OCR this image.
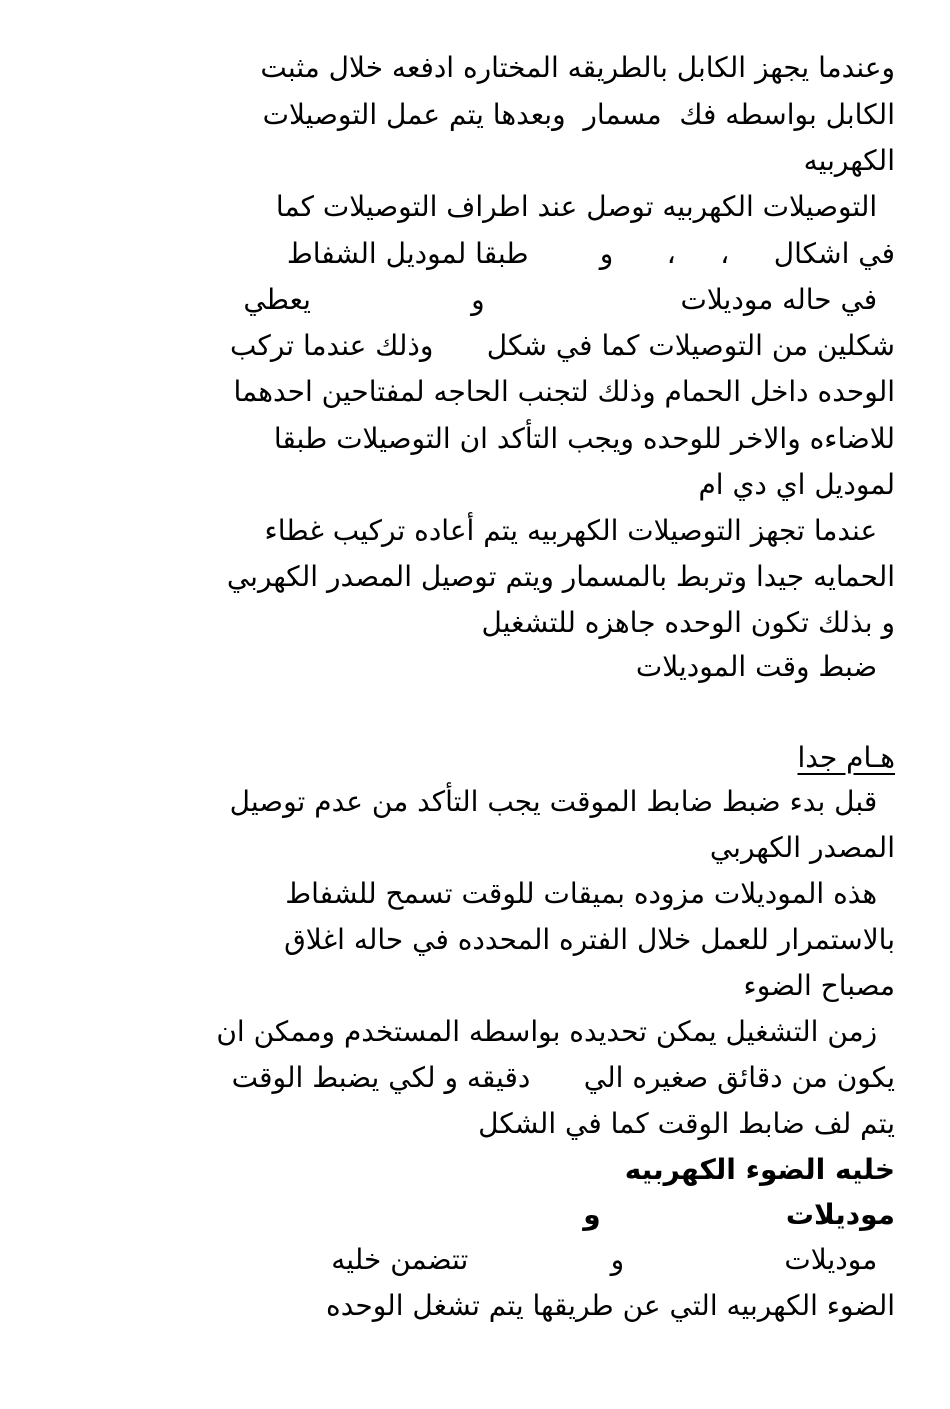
وعندما يجهز الكابل بالطريقه المختاره ادفعه خلال مثبت
الكابل بواسطه فك  مسمار  وبعدها يتم عمل التوصيلات
الكهربيه
التوصيلات الكهربيه توصل عند اطراف التوصيلات كما
في اشكال     ،     ،      و        طبقا لموديل الشفاط
في حاله موديلات                      و                  يعطي
شكلين من التوصيلات كما في شكل      وذلك عندما تركب
الوحده داخل الحمام وذلك لتجنب الحاجه لمفتاحين احدهما
للاضاءه والاخر للوحده ويجب التأكد ان التوصيلات طبقا
لموديل اي دي ام
عندما تجهز التوصيلات الكهربيه يتم أعاده تركيب غطاء
الحمايه جيدا وتربط بالمسمار ويتم توصيل المصدر الكهربي
و بذلك تكون الوحده جاهزه للتشغيل
ضبط وقت الموديلات
هـام جدا
قبل بدء ضبط ضابط الموقت يجب التأكد من عدم توصيل
المصدر الكهربي
هذه الموديلات مزوده بميقات للوقت تسمح للشفاط
بالاستمرار للعمل خلال الفتره المحدده في حاله اغلاق
مصباح الضوء
زمن التشغيل يمكن تحديده بواسطه المستخدم وممكن ان
يكون من دقائق صغيره الي      دقيقه و لكي يضبط الوقت
يتم لف ضابط الوقت كما في الشكل
خليه الضوء الكهربيه
موديلات                   و
موديلات                  و                تتضمن خليه
الضوء الكهربيه التي عن طريقها يتم تشغل الوحده
